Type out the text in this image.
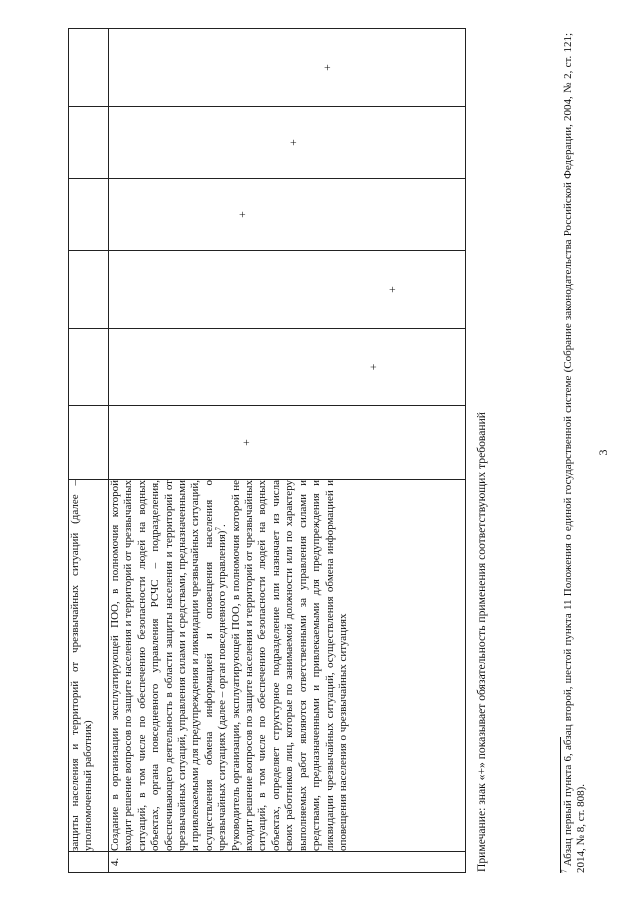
3

	защиты населения и территорий от чрезвычайных ситуаций (далее – уполномоченный работник)						

4.	Создание в организации эксплуатирующей ПОО, в полномочия которой входит решение вопросов по защите населения и территорий от чрезвычайных ситуаций, в том числе по обеспечению безопасности людей на водных объектах, органа повседневного управления РСЧС – подразделения, обеспечивающего деятельность в области защиты населения и территорий от чрезвычайных ситуаций, управления силами и средствами, предназначенными и привлекаемыми для предупреждения и ликвидации чрезвычайных ситуаций, осуществления обмена информацией и оповещения населения о чрезвычайных ситуациях (далее – орган повседневного управления)$^7$. Руководитель организации, эксплуатирующей ПОО, в полномочия которой не входит решение вопросов по защите населения и территорий от чрезвычайных ситуаций, в том числе по обеспечению безопасности людей на водных объектах, определяет структурное подразделение или назначает из числа своих работников лиц, которые по занимаемой должности или по характеру выполняемых работ являются ответственными за управления силами и средствами, предназначенными и привлекаемыми для предупреждения и ликвидации чрезвычайных ситуаций, осуществления обмена информацией и оповещения населения о чрезвычайных ситуациях	+	+	+	+	+	+
Примечание: знак «+» показывает обязательность применения соответствующих требований	$^7$ Абзац первый пункта 6, абзац второй, шестой пункта 11 Положения о единой государственной системе (Собрание законодательства Российской Федерации, 2004, № 2, ст. 121; 2014, № 8, ст. 808).
